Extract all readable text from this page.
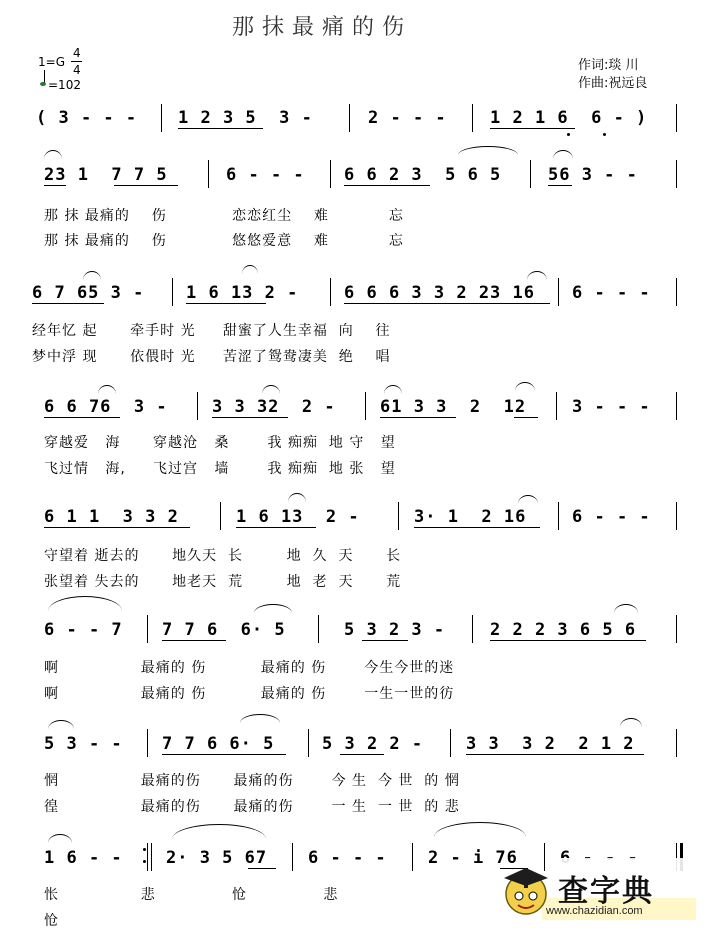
那抹最痛的伤
1=G
4
4
=102
作词:琰 川
作曲:祝远良
( 3 - - - 1 2 3 5  3 -	2 - - -	1 2 1 6  6 - )
23 1  7 7 5	6 - - - 6 6 2 3  5 6 5	56 3 - -
那 抹 最痛的    伤            恋恋红尘    难           忘
那 抹 最痛的    伤            悠悠爱意    难           忘
6 7 65 3 - 1 6 13 2 -	6 6 6 3 3 2 23 16 6 - - -
经年忆 起      牵手时 光     甜蜜了人生幸福  向    往
梦中浮 现      依偎时 光     苦涩了鸳鸯凄美  绝    唱
6 6 76  3 -	3 3 32  2 -	61 3 3  2  12	3 - - -
穿越爱   海      穿越沧   桑       我 痴痴  地 守   望
飞过情   海,     飞过宫   墙       我 痴痴  地 张   望
6 1 1  3 3 2	1 6 13  2 -	3· 1  2 16	6 - - -
守望着 逝去的      地久天  长        地  久  天      长
张望着 失去的      地老天  荒        地  老  天      荒
6 - - 7 7 7 6  6· 5	5 3 2 3 -	2 2 2 3 6 5 6
啊               最痛的 伤          最痛的 伤       今生今世的迷
啊               最痛的 伤          最痛的 伤       一生一世的彷
5 3 - - 7 7 6 6· 5	5 3 2 2 -	3 3  3 2  2 1 2
惘               最痛的伤      最痛的伤       今 生  今 世  的 惘
徨               最痛的伤      最痛的伤       一 生  一 世  的 悲
1 6 - -	2· 3 5 67 6 - - - 2 - i 76
怅               悲              怆              悲
怆
查字典
www.chazidian.com
